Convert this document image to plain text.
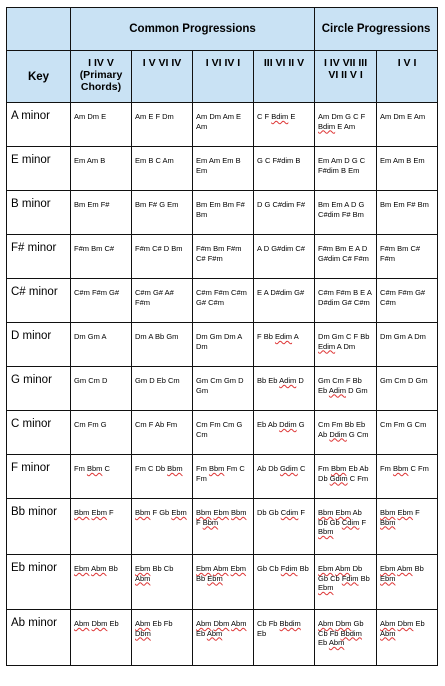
	Common Progressions				Circle Progressions	
Key	I IV V (Primary Chords)	I V VI IV	I VI IV I	III VI II V	I IV VII III VI II V I	I V I
A minor	Am Dm E	Am E F Dm	Am Dm Am E Am	C F Bdim E	Am Dm G C F Bdim E Am	Am Dm E Am
E minor	Em Am B	Em B C Am	Em Am Em B Em	G C F#dim B	Em Am D G C F#dim B Em	Em Am B Em
B minor	Bm Em F#	Bm F# G Em	Bm Em Bm F# Bm	D G C#dim F#	Bm Em A D G C#dim F# Bm	Bm Em F# Bm
F# minor	F#m Bm C#	F#m C# D Bm	F#m Bm F#m C# F#m	A D G#dim C#	F#m Bm E A D G#dim C# F#m	F#m Bm C# F#m
C# minor	C#m F#m G#	C#m G# A# F#m	C#m F#m C#m G# C#m	E A D#dim G#	C#m F#m B E A D#dim G# C#m	C#m F#m G# C#m
D minor	Dm Gm A	Dm A Bb Gm	Dm Gm Dm A Dm	F Bb Edim A	Dm Gm C F Bb Edim A Dm	Dm Gm A Dm
G minor	Gm Cm D	Gm D Eb Cm	Gm Cm Gm D Gm	Bb Eb Adim D	Gm Cm F Bb Eb Adim D Gm	Gm Cm D Gm
C minor	Cm Fm G	Cm F Ab Fm	Cm Fm Cm G Cm	Eb Ab Ddim G	Cm Fm Bb Eb Ab Ddim G Cm	Cm Fm G Cm
F minor	Fm Bbm C	Fm C Db Bbm	Fm Bbm Fm C Fm	Ab Db Gdim C	Fm Bbm Eb Ab Db Gdim C Fm	Fm Bbm C Fm
Bb minor	Bbm Ebm F	Bbm F Gb Ebm	Bbm Ebm Bbm F Bbm	Db Gb Cdim F	Bbm Ebm Ab Db Gb Cdim F Bbm	Bbm Ebm F Bbm
Eb minor	Ebm Abm Bb	Ebm Bb Cb Abm	Ebm Abm Ebm Bb Ebm	Gb Cb Fdim Bb	Ebm Abm Db Gb Cb Fdim Bb Ebm	Ebm Abm Bb Ebm
Ab minor	Abm Dbm Eb	Abm Eb Fb Dbm	Abm Dbm Abm Eb Abm	Cb Fb Bbdim Eb	Abm Dbm Gb Cb Fb Bbdim Eb Abm	Abm Dbm Eb Abm
